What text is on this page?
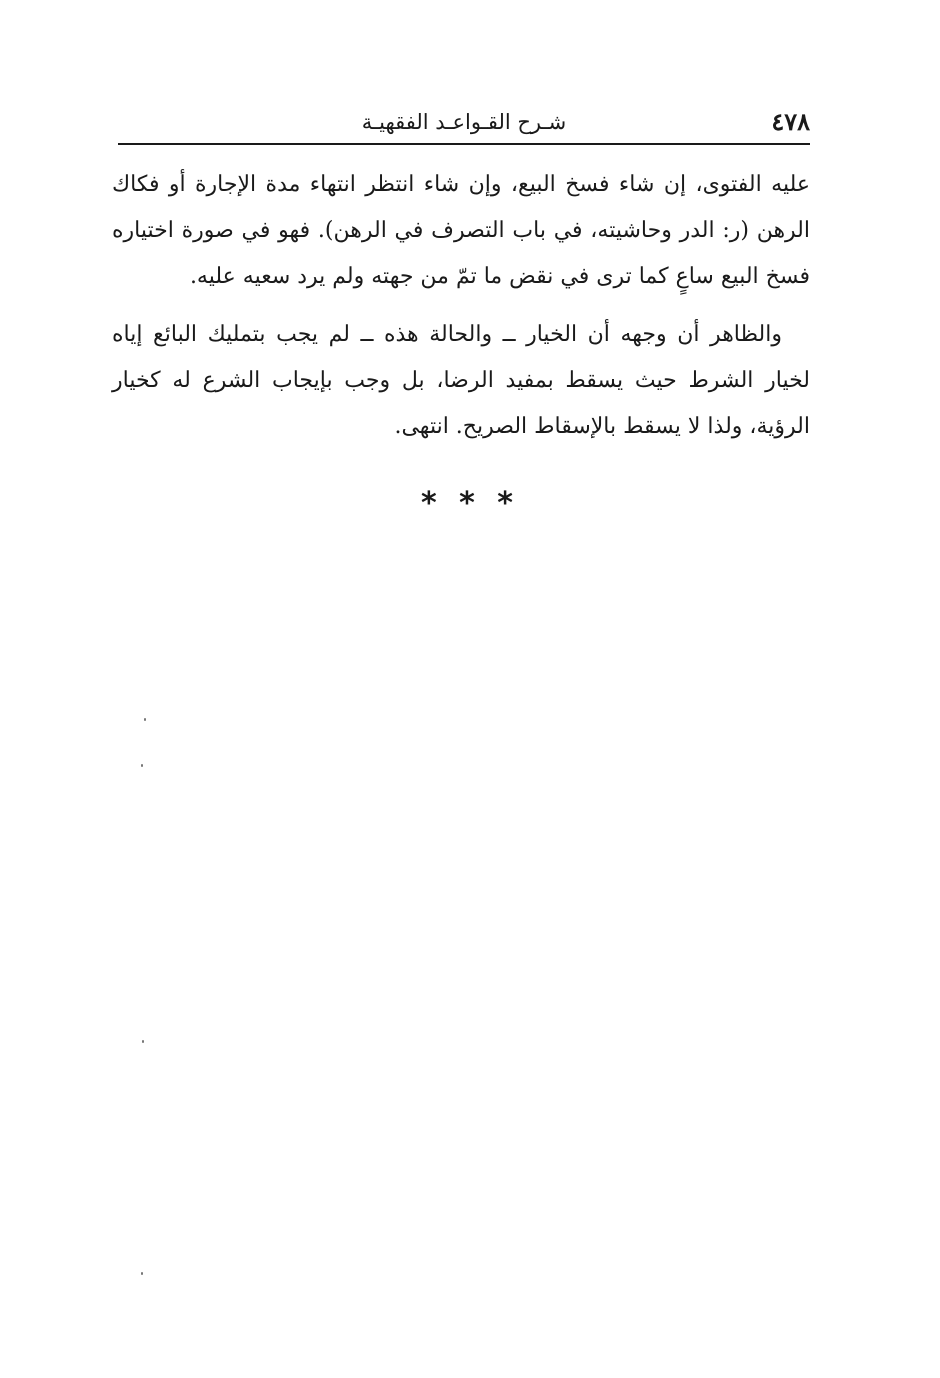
٤٧٨
شـرح القـواعـد الفقهيـة

عليه الفتوى، إن شاء فسخ البيع، وإن شاء انتظر انتهاء مدة الإجارة أو فكاك الرهن (ر: الدر وحاشيته، في باب التصرف في الرهن). فهو في صورة اختياره فسخ البيع ساعٍ كما ترى في نقض ما تمّ من جهته ولم يرد سعيه عليه.

والظاهر أن وجهه أن الخيار ــ والحالة هذه ــ لم يجب بتمليك البائع إياه لخيار الشرط حيث يسقط بمفيد الرضا، بل وجب بإيجاب الشرع له كخيار الرؤية، ولذا لا يسقط بالإسقاط الصريح. انتهى.

* * *
